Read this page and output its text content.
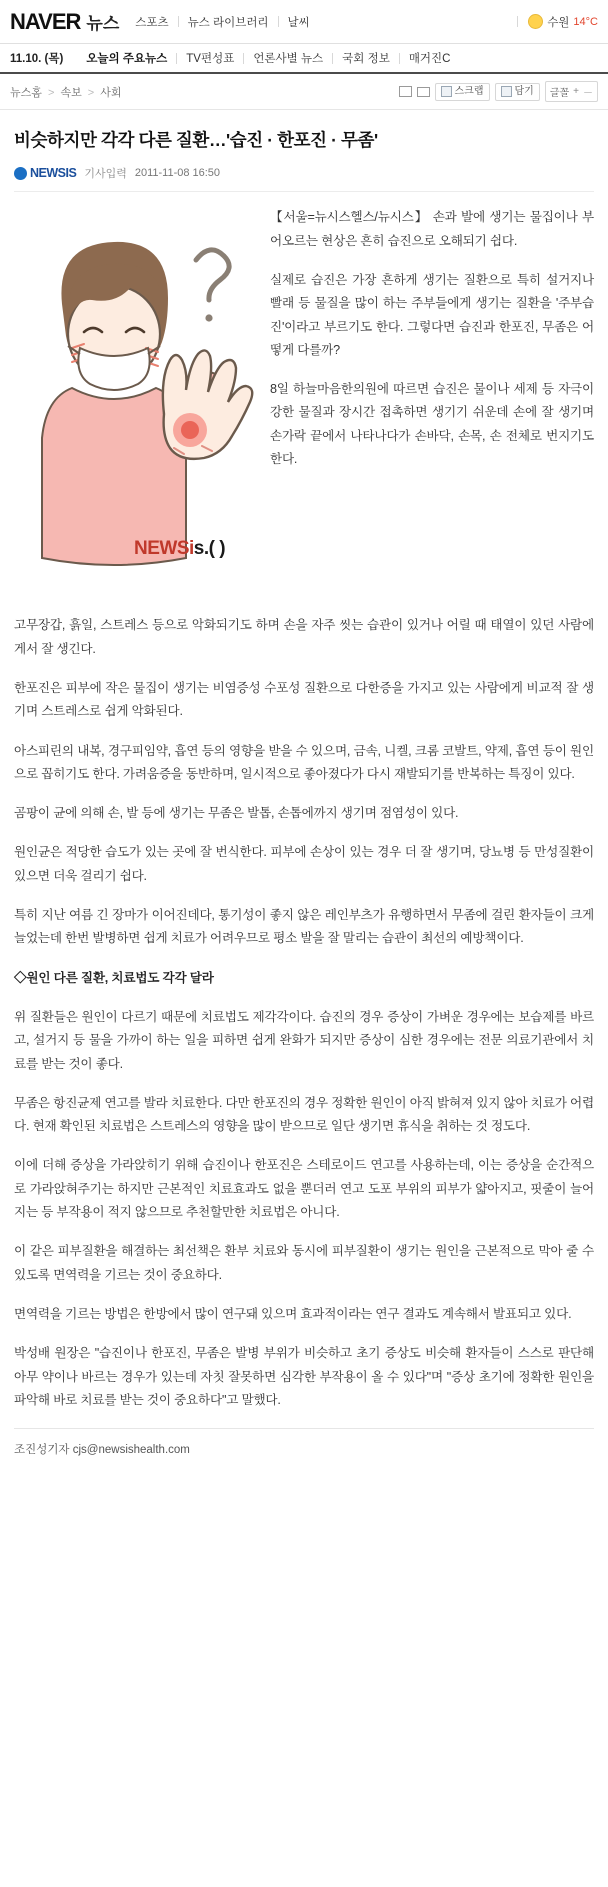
NAVER 뉴스 스포츠 뉴스 라이브러리 날씨	수원 14°C
11.10. (목)	오늘의 주요뉴스	TV편성표	언론사별 뉴스	국회 정보	매거진C
뉴스홈 > 속보 > 사회	스크랩	담기 글꼴 + －
비슷하지만 각각 다른 질환…'습진 · 한포진 · 무좀'
NEWSIS 기사입력 2011-11-08 16:50
NEWSis.( )

【서울=뉴시스헬스/뉴시스】 손과 발에 생기는 물집이나 부어오르는 현상은 흔히 습진으로 오해되기 쉽다.

실제로 습진은 가장 흔하게 생기는 질환으로 특히 설거지나 빨래 등 물질을 많이 하는 주부들에게 생기는 질환을 '주부습진'이라고 부르기도 한다. 그렇다면 습진과 한포진, 무좀은 어떻게 다를까?

8일 하늘마음한의원에 따르면 습진은 물이나 세제 등 자극이 강한 물질과 장시간 접촉하면 생기기 쉬운데 손에 잘 생기며 손가락 끝에서 나타나다가 손바닥, 손목, 손 전체로 번지기도 한다.

고무장갑, 흙일, 스트레스 등으로 악화되기도 하며 손을 자주 씻는 습관이 있거나 어릴 때 태열이 있던 사람에게서 잘 생긴다.

한포진은 피부에 작은 물집이 생기는 비염증성 수포성 질환으로 다한증을 가지고 있는 사람에게 비교적 잘 생기며 스트레스로 쉽게 악화된다.

아스피린의 내복, 경구피임약, 흡연 등의 영향을 받을 수 있으며, 금속, 니켈, 크롬 코발트, 약제, 흡연 등이 원인으로 꼽히기도 한다. 가려움증을 동반하며, 일시적으로 좋아졌다가 다시 재발되기를 반복하는 특징이 있다.

곰팡이 균에 의해 손, 발 등에 생기는 무좀은 발톱, 손톱에까지 생기며 점염성이 있다.

원인균은 적당한 습도가 있는 곳에 잘 번식한다. 피부에 손상이 있는 경우 더 잘 생기며, 당뇨병 등 만성질환이 있으면 더욱 걸리기 쉽다.

특히 지난 여름 긴 장마가 이어진데다, 통기성이 좋지 않은 레인부츠가 유행하면서 무좀에 걸린 환자들이 크게 늘었는데 한번 발병하면 쉽게 치료가 어려우므로 평소 발을 잘 말리는 습관이 최선의 예방책이다.

◇원인 다른 질환, 치료법도 각각 달라

위 질환들은 원인이 다르기 때문에 치료법도 제각각이다. 습진의 경우 증상이 가벼운 경우에는 보습제를 바르고, 설거지 등 물을 가까이 하는 일을 피하면 쉽게 완화가 되지만 증상이 심한 경우에는 전문 의료기관에서 치료를 받는 것이 좋다.

무좀은 항진균제 연고를 발라 치료한다. 다만 한포진의 경우 정확한 원인이 아직 밝혀져 있지 않아 치료가 어렵다. 현재 확인된 치료법은 스트레스의 영향을 많이 받으므로 일단 생기면 휴식을 취하는 것 정도다.

이에 더해 증상을 가라앉히기 위해 습진이나 한포진은 스테로이드 연고를 사용하는데, 이는 증상을 순간적으로 가라앉혀주기는 하지만 근본적인 치료효과도 없을 뿐더러 연고 도포 부위의 피부가 얇아지고, 핏줄이 늘어지는 등 부작용이 적지 않으므로 추천할만한 치료법은 아니다.

이 같은 피부질환을 해결하는 최선책은 환부 치료와 동시에 피부질환이 생기는 원인을 근본적으로 막아 줄 수 있도록 면역력을 기르는 것이 중요하다.

면역력을 기르는 방법은 한방에서 많이 연구돼 있으며 효과적이라는 연구 결과도 계속해서 발표되고 있다.

박성배 원장은 "습진이나 한포진, 무좀은 발병 부위가 비슷하고 초기 증상도 비슷해 환자들이 스스로 판단해 아무 약이나 바르는 경우가 있는데 자칫 잘못하면 심각한 부작용이 올 수 있다"며 "증상 초기에 정확한 원인을 파악해 바로 치료를 받는 것이 중요하다"고 말했다.

조진성기자 cjs@newsishealth.com
